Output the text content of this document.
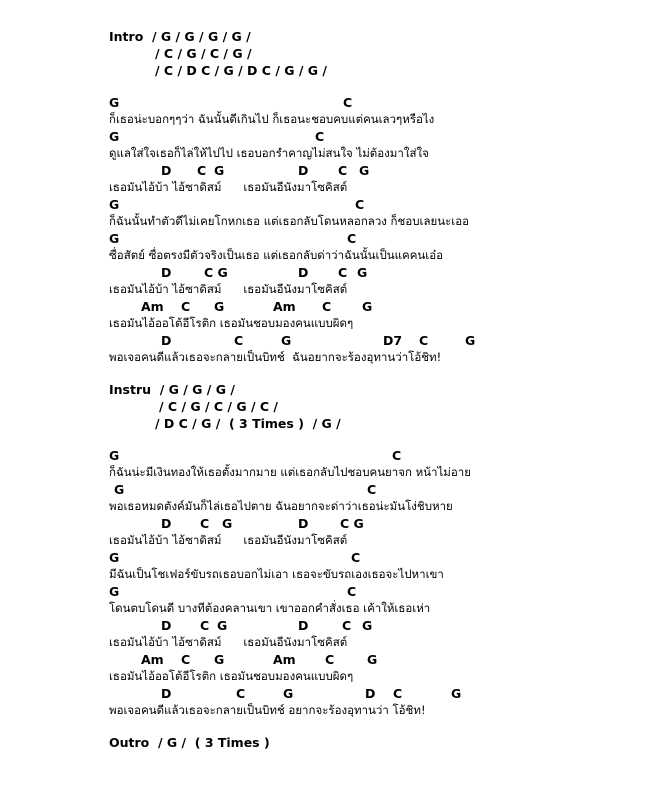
Intro  / G / G / G / G /
/ C / G / C / G /
/ C / D C / G / D C / G / G /
G	C
ก็เธอน่ะบอกๆๆว่า ฉันนั้นดีเกินไป ก็เธอนะชอบคบแต่คนเลวๆหรือไง
G	C
ดูแลใส่ใจเธอก็ไล่ให้ไปไป เธอบอกรำคาญไม่สนใจ ไม่ต้องมาใส่ใจ
D C G	D C G
เธอมันไอ้บ้า ไอ้ซาดิสม์      เธอมันอีนังมาโซคิสต์
G	C
ก็ฉันนั้นทำตัวดีไม่เคยโกหกเธอ แต่เธอกลับโดนหลอกลวง ก็ชอบเลยนะเออ
G	C
ซื่อสัตย์ ซื่อตรงมีตัวจริงเป็นเธอ แต่เธอกลับด่าว่าฉันนั้นเป็นแคคนเอ๋อ
D	C G	D C G
เธอมันไอ้บ้า ไอ้ซาดิสม์      เธอมันอีนังมาโซคิสต์
Am C G	Am C G
เธอมันไอ้ออโต้อีโรติก เธอมันชอบมองคนแบบผิดๆ
D	C	G	D7 C	G
พอเจอคนดีแล้วเธอจะกลายเป็นบิทช์  ฉันอยากจะร้องอุทานว่าโอ้ชิท!
Instru  / G / G / G /
/ C / G / C / G / C /
/ D C / G /  ( 3 Times )  / G /
G	C
ก็ฉันน่ะมีเงินทองให้เธอตั้งมากมาย แต่เธอกลับไปชอบคนยาจก หน้าไม่อาย
G	C
พอเธอหมดตังค์มันก็ไล่เธอไปตาย ฉันอยากจะด่าว่าเธอน่ะมันโง่ชิบหาย
D C G	D	C G
เธอมันไอ้บ้า ไอ้ซาดิสม์      เธอมันอีนังมาโซคิสต์
G	C
มีฉันเป็นโชเฟอร์ขับรถเธอบอกไม่เอา เธอจะขับรถเองเธอจะไปหาเขา
G	C
โดนตบโดนดี บางทีต้องคลานเขา เขาออกคำสั่งเธอ เค้าให้เธอเห่า
D C G	D	C G
เธอมันไอ้บ้า ไอ้ซาดิสม์      เธอมันอีนังมาโซคิสต์
Am C G	Am C	G
เธอมันไอ้ออโต้อีโรติก เธอมันชอบมองคนแบบผิดๆ
D	C	G	D C	G
พอเจอคนดีแล้วเธอจะกลายเป็นบิทช์ อยากจะร้องอุทานว่า โอ้ชิท!
Outro  / G /  ( 3 Times )
